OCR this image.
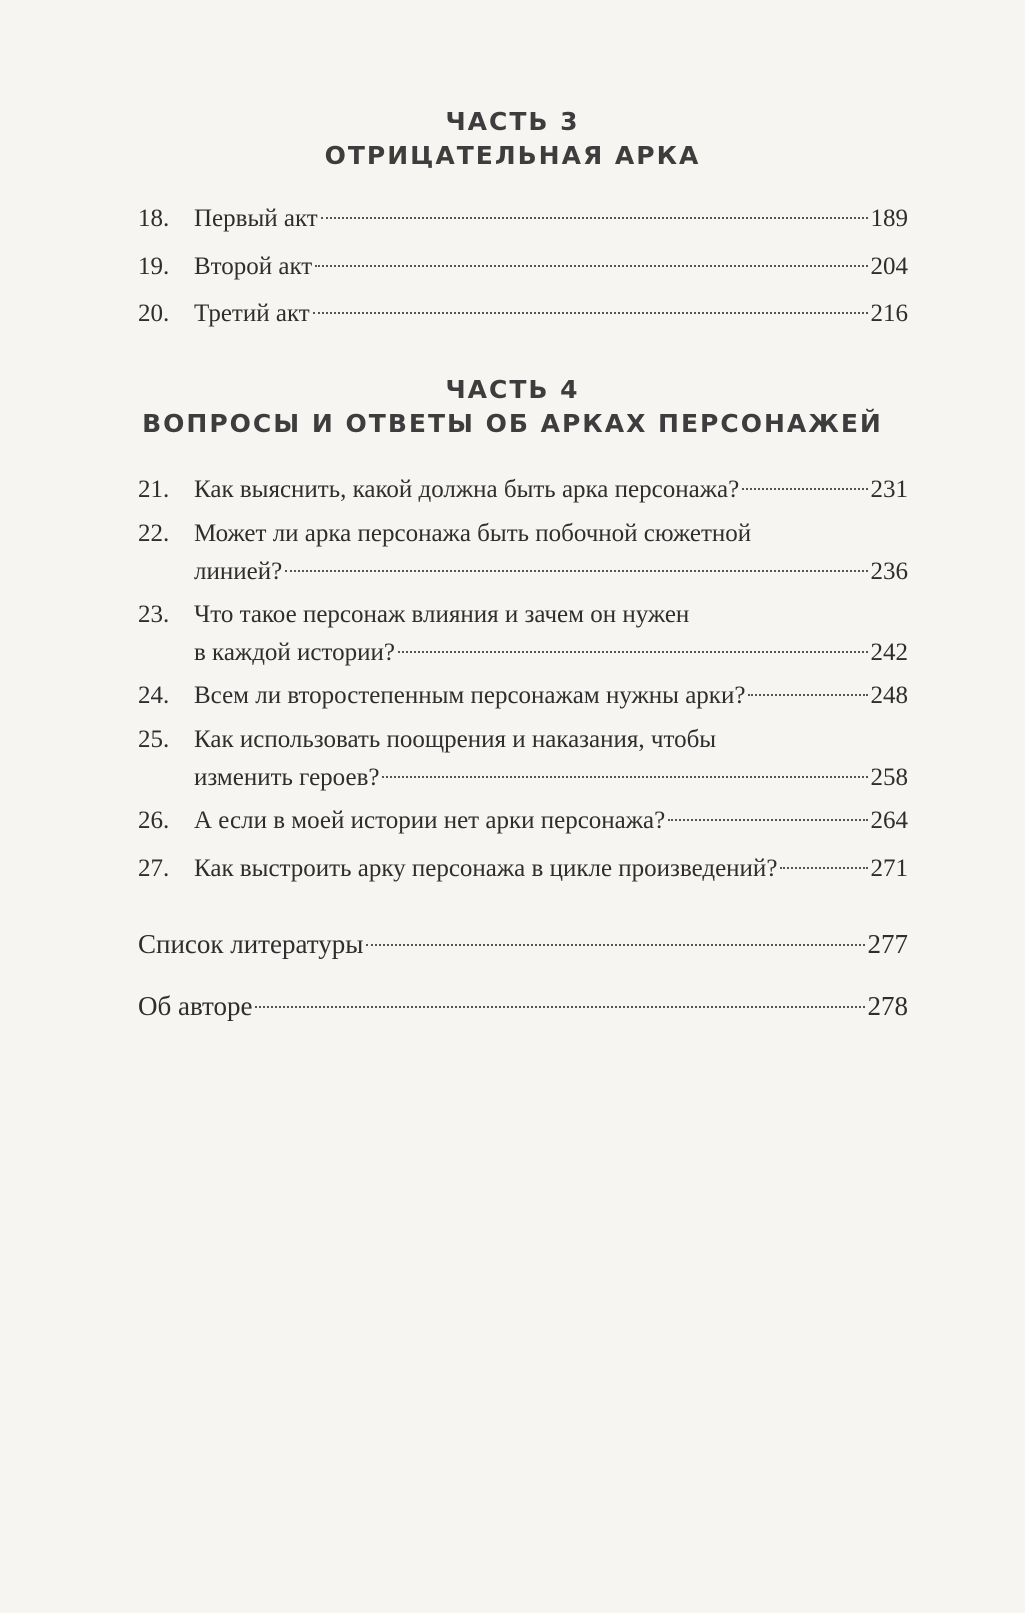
ЧАСТЬ 3
ОТРИЦАТЕЛЬНАЯ АРКА
18. Первый акт	189
19. Второй акт	204
20. Третий акт	216
ЧАСТЬ 4
ВОПРОСЫ И ОТВЕТЫ ОБ АРКАХ ПЕРСОНАЖЕЙ
21. Как выяснить, какой должна быть арка персонажа?	231
22. Может ли арка персонажа быть побочной сюжетной
линией?	236
23. Что такое персонаж влияния и зачем он нужен
в каждой истории?	242
24. Всем ли второстепенным персонажам нужны арки?	248
25. Как использовать поощрения и наказания, чтобы
изменить героев?	258
26. А если в моей истории нет арки персонажа?	264
27. Как выстроить арку персонажа в цикле произведений?	271
Список литературы	277
Об авторе	278
